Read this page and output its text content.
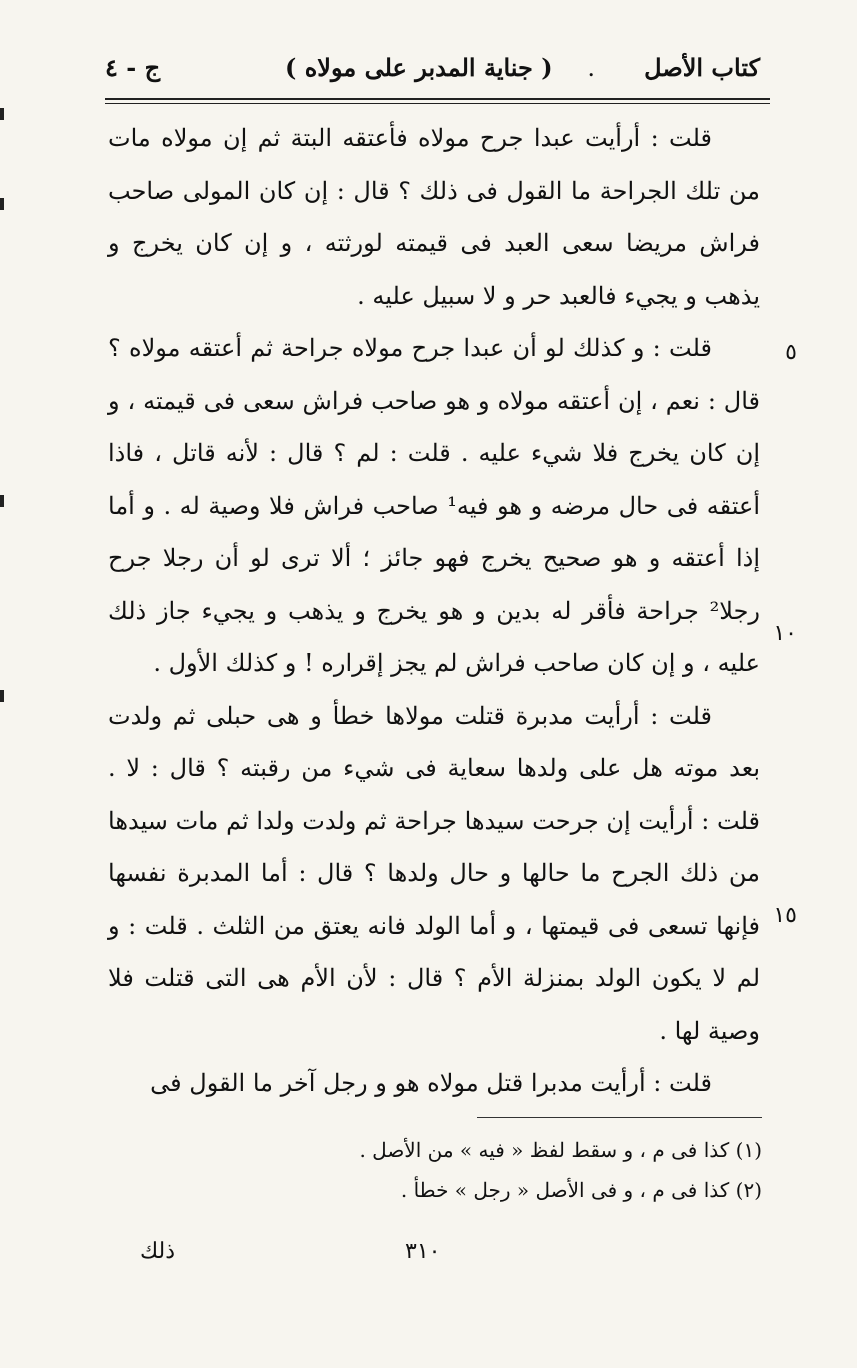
كتاب الأصل
.
( جناية المدبر على مولاه )
ج - ٤

قلت : أرأيت عبدا جرح مولاه فأعتقه البتة ثم إن مولاه مات من تلك الجراحة ما القول فى ذلك ؟ قال : إن كان المولى صاحب فراش مريضا سعى العبد فى قيمته لورثته ، و إن كان يخرج و يذهب و يجيء فالعبد حر و لا سبيل عليه .

قلت : و كذلك لو أن عبدا جرح مولاه جراحة ثم أعتقه مولاه ؟ قال : نعم ، إن أعتقه مولاه و هو صاحب فراش سعى فى قيمته ، و إن كان يخرج فلا شيء عليه . قلت : لم ؟ قال : لأنه قاتل ، فاذا أعتقه فى حال مرضه و هو فيه¹ صاحب فراش فلا وصية له . و أما إذا أعتقه و هو صحيح يخرج فهو جائز ؛ ألا ترى لو أن رجلا جرح رجلا² جراحة فأقر له بدين و هو يخرج و يذهب و يجيء جاز ذلك عليه ، و إن كان صاحب فراش لم يجز إقراره ! و كذلك الأول .

قلت : أرأيت مدبرة قتلت مولاها خطأ و هى حبلى ثم ولدت بعد موته هل على ولدها سعاية فى شيء من رقبته ؟ قال : لا . قلت : أرأيت إن جرحت سيدها جراحة ثم ولدت ولدا ثم مات سيدها من ذلك الجرح ما حالها و حال ولدها ؟ قال : أما المدبرة نفسها فإنها تسعى فى قيمتها ، و أما الولد فانه يعتق من الثلث . قلت : و لم لا يكون الولد بمنزلة الأم ؟ قال : لأن الأم هى التى قتلت فلا وصية لها .

قلت : أرأيت مدبرا قتل مولاه هو و رجل آخر ما القول فى

٥
١٠
١٥

(١) كذا فى م ، و سقط لفظ « فيه » من الأصل .

(٢) كذا فى م ، و فى الأصل « رجل » خطأ .

٣١٠
ذلك
